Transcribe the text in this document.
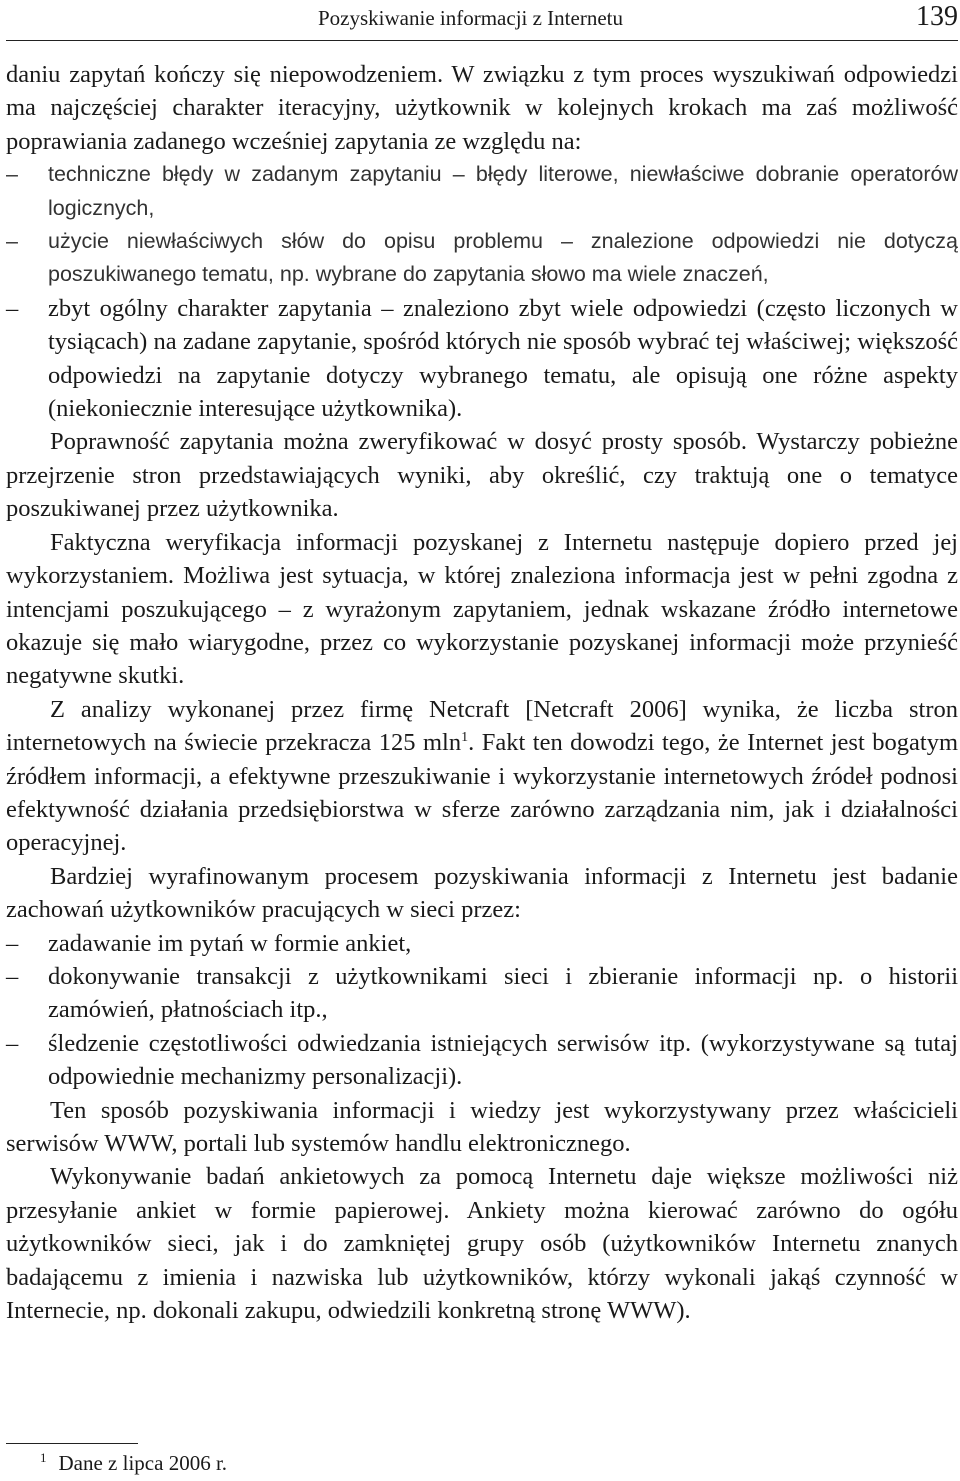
Pozyskiwanie informacji z Internetu	139

daniu zapytań kończy się niepowodzeniem. W związku z tym proces wyszukiwań odpowiedzi ma najczęściej charakter iteracyjny, użytkownik w kolejnych krokach ma zaś możliwość poprawiania zadanego wcześniej zapytania ze względu na:

–	techniczne błędy w zadanym zapytaniu – błędy literowe, niewłaściwe dobranie operatorów logicznych,
–	użycie niewłaściwych słów do opisu problemu – znalezione odpowiedzi nie dotyczą poszukiwanego tematu, np. wybrane do zapytania słowo ma wiele znaczeń,
–	zbyt ogólny charakter zapytania – znaleziono zbyt wiele odpowiedzi (często liczonych w tysiącach) na zadane zapytanie, spośród których nie sposób wybrać tej właściwej; większość odpowiedzi na zapytanie dotyczy wybranego tematu, ale opisują one różne aspekty (niekoniecznie interesujące użytkownika).

Poprawność zapytania można zweryfikować w dosyć prosty sposób. Wystarczy pobieżne przejrzenie stron przedstawiających wyniki, aby określić, czy traktują one o tematyce poszukiwanej przez użytkownika.

Faktyczna weryfikacja informacji pozyskanej z Internetu następuje dopiero przed jej wykorzystaniem. Możliwa jest sytuacja, w której znaleziona informacja jest w pełni zgodna z intencjami poszukującego – z wyrażonym zapytaniem, jednak wskazane źródło internetowe okazuje się mało wiarygodne, przez co wykorzystanie pozyskanej informacji może przynieść negatywne skutki.

Z analizy wykonanej przez firmę Netcraft [Netcraft 2006] wynika, że liczba stron internetowych na świecie przekracza 125 mln$^1$. Fakt ten dowodzi tego, że Internet jest bogatym źródłem informacji, a efektywne przeszukiwanie i wykorzystanie internetowych źródeł podnosi efektywność działania przedsiębiorstwa w sferze zarówno zarządzania nim, jak i działalności operacyjnej.

Bardziej wyrafinowanym procesem pozyskiwania informacji z Internetu jest badanie zachowań użytkowników pracujących w sieci przez:

–	zadawanie im pytań w formie ankiet,
–	dokonywanie transakcji z użytkownikami sieci i zbieranie informacji np. o historii zamówień, płatnościach itp.,
–	śledzenie częstotliwości odwiedzania istniejących serwisów itp. (wykorzystywane są tutaj odpowiednie mechanizmy personalizacji).

Ten sposób pozyskiwania informacji i wiedzy jest wykorzystywany przez właścicieli serwisów WWW, portali lub systemów handlu elektronicznego.

Wykonywanie badań ankietowych za pomocą Internetu daje większe możliwości niż przesyłanie ankiet w formie papierowej. Ankiety można kierować zarówno do ogółu użytkowników sieci, jak i do zamkniętej grupy osób (użytkowników Internetu znanych badającemu z imienia i nazwiska lub użytkowników, którzy wykonali jakąś czynność w Internecie, np. dokonali zakupu, odwiedzili konkretną stronę WWW).

$^1$ Dane z lipca 2006 r.
